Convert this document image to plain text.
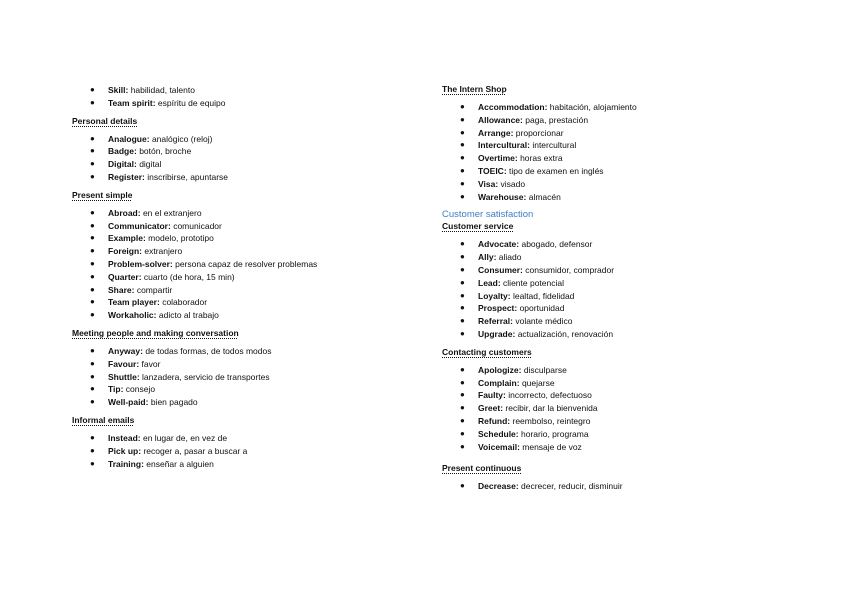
● Skill: habilidad, talento
● Team spirit: espíritu de equipo
Personal details
● Analogue: analógico (reloj)
● Badge: botón, broche
● Digital: digital
● Register: inscribirse, apuntarse
Present simple
● Abroad: en el extranjero
● Communicator: comunicador
● Example: modelo, prototipo
● Foreign: extranjero
● Problem-solver: persona capaz de resolver problemas
● Quarter: cuarto (de hora, 15 min)
● Share: compartir
● Team player: colaborador
● Workaholic: adicto al trabajo
Meeting people and making conversation
● Anyway: de todas formas, de todos modos
● Favour: favor
● Shuttle: lanzadera, servicio de transportes
● Tip: consejo
● Well-paid: bien pagado
Informal emails
● Instead: en lugar de, en vez de
● Pick up: recoger a, pasar a buscar a
● Training: enseñar a alguien
The Intern Shop
● Accommodation: habitación, alojamiento
● Allowance: paga, prestación
● Arrange: proporcionar
● Intercultural: intercultural
● Overtime: horas extra
● TOEIC: tipo de examen en inglés
● Visa: visado
● Warehouse: almacén
Customer satisfaction
Customer service
● Advocate: abogado, defensor
● Ally: aliado
● Consumer: consumidor, comprador
● Lead: cliente potencial
● Loyalty: lealtad, fidelidad
● Prospect: oportunidad
● Referral: volante médico
● Upgrade: actualización, renovación
Contacting customers
● Apologize: disculparse
● Complain: quejarse
● Faulty: incorrecto, defectuoso
● Greet: recibir, dar la bienvenida
● Refund: reembolso, reintegro
● Schedule: horario, programa
● Voicemail: mensaje de voz
Present continuous
● Decrease: decrecer, reducir, disminuir
